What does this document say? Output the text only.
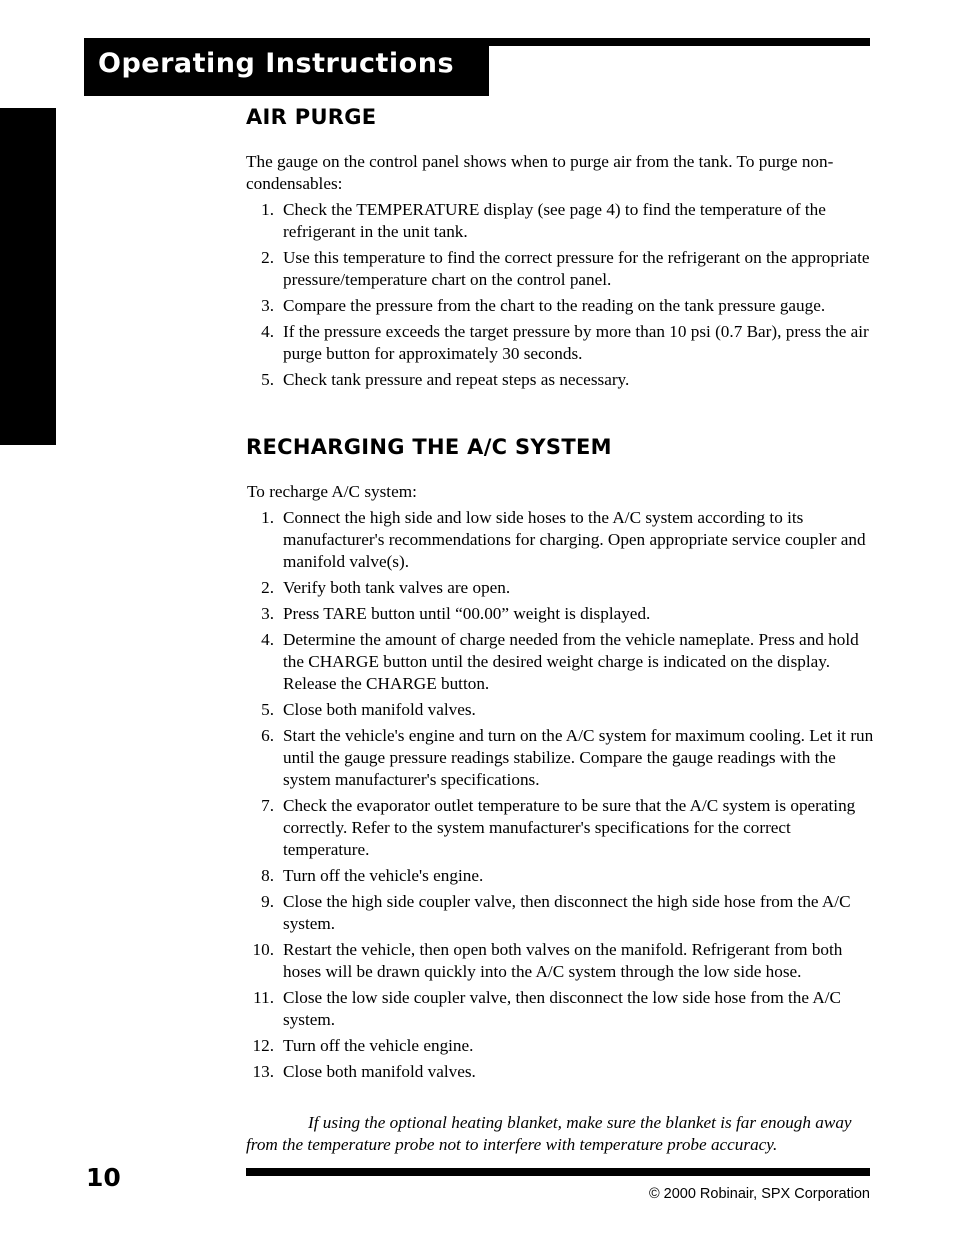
Operating Instructions
AIR PURGE

The gauge on the control panel shows when to purge air from the tank. To purge non-condensables:

1. Check the TEMPERATURE display (see page 4) to find the temperature of the refrigerant in the unit tank.
2. Use this temperature to find the correct pressure for the refrigerant on the appropriate pressure/temperature chart on the control panel.
3. Compare the pressure from the chart to the reading on the tank pressure gauge.
4. If the pressure exceeds the target pressure by more than 10 psi (0.7 Bar), press the air purge button for approximately 30 seconds.
5. Check tank pressure and repeat steps as necessary.
RECHARGING THE A/C SYSTEM

To recharge A/C system:

1. Connect the high side and low side hoses to the A/C system according to its manufacturer's recommendations for charging. Open appropriate service coupler and manifold valve(s).
2. Verify both tank valves are open.
3. Press TARE button until “00.00” weight is displayed.
4. Determine the amount of charge needed from the vehicle nameplate. Press and hold the CHARGE button until the desired weight charge is indicated on the display. Release the CHARGE button.
5. Close both manifold valves.
6. Start the vehicle's engine and turn on the A/C system for maximum cooling. Let it run until the gauge pressure readings stabilize. Compare the gauge readings with the system manufacturer's specifications.
7. Check the evaporator outlet temperature to be sure that the A/C system is operating correctly. Refer to the system manufacturer's specifications for the correct temperature.
8. Turn off the vehicle's engine.
9. Close the high side coupler valve, then disconnect the high side hose from the A/C system.
10. Restart the vehicle, then open both valves on the manifold. Refrigerant from both hoses will be drawn quickly into the A/C system through the low side hose.
11. Close the low side coupler valve, then disconnect the low side hose from the A/C system.
12. Turn off the vehicle engine.
13. Close both manifold valves.

If using the optional heating blanket, make sure the blanket is far enough away from the temperature probe not to interfere with temperature probe accuracy.

10
© 2000 Robinair, SPX Corporation
